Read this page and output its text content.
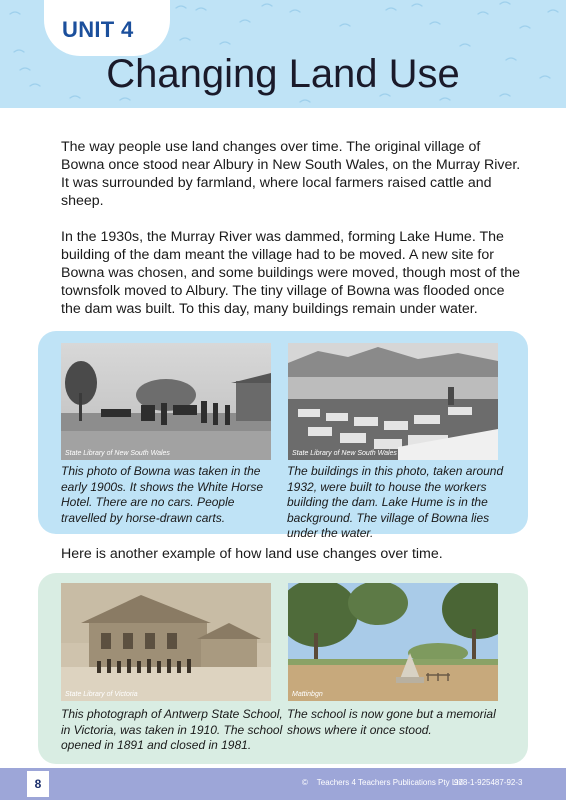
UNIT 4
Changing Land Use

The way people use land changes over time. The original village of Bowna once stood near Albury in New South Wales, on the Murray River. It was surrounded by farmland, where local farmers raised cattle and sheep.

In the 1930s, the Murray River was dammed, forming Lake Hume. The building of the dam meant the village had to be moved. A new site for Bowna was chosen, and some buildings were moved, though most of the townsfolk moved to Albury. The tiny village of Bowna was flooded once the dam was built. To this day, many buildings remain under water.

State Library of New South Wales

This photo of Bowna was taken in the early 1900s. It shows the White Horse Hotel. There are no cars. People travelled by horse-drawn carts.

State Library of New South Wales

The buildings in this photo, taken around 1932, were built to house the workers building the dam. Lake Hume is in the background. The village of Bowna lies under the water.

Here is another example of how land use changes over time.

State Library of Victoria

This photograph of Antwerp State School, in Victoria, was taken in 1910. The school opened in 1891 and closed in 1981.

Mattinbgn

The school is now gone but a memorial shows where it once stood.

8	© Teachers 4 Teachers Publications Pty Ltd
978-1-925487-92-3
